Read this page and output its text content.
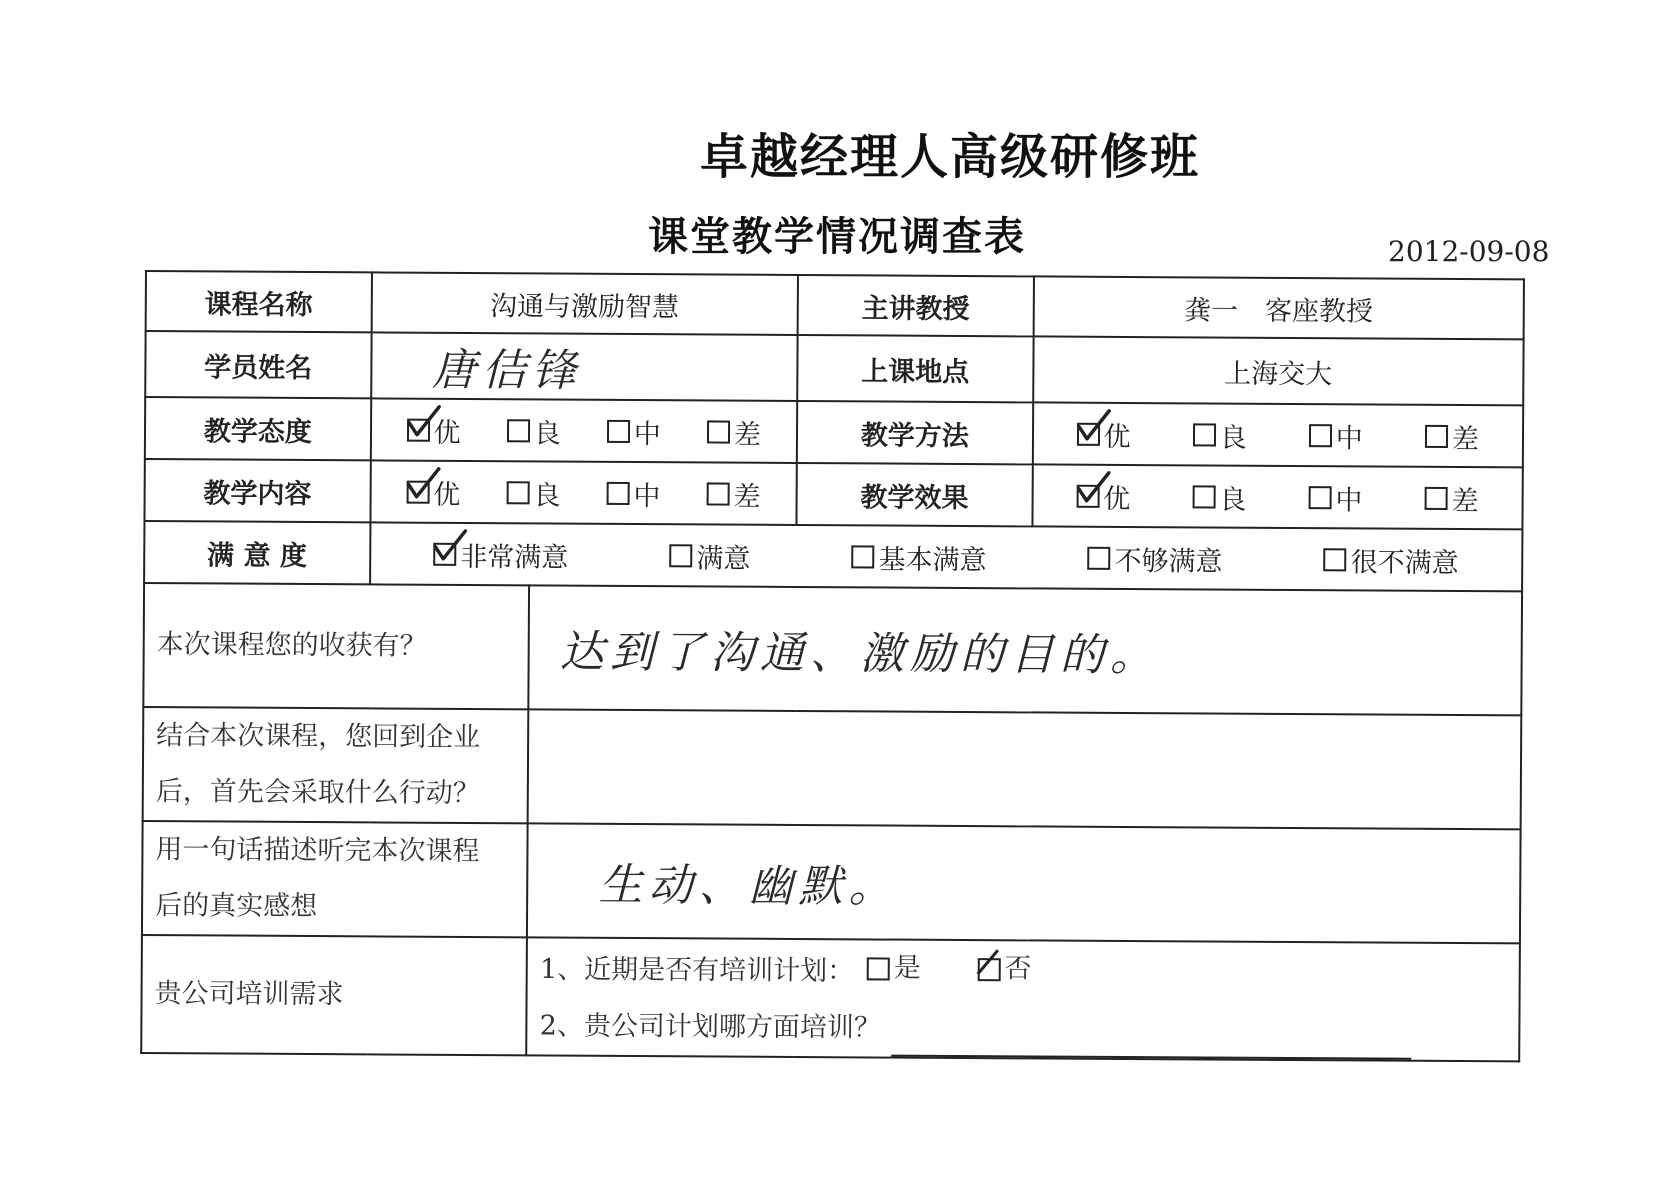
卓越经理人高级研修班
课堂教学情况调查表	2012-09-08
课程名称	沟通与激励智慧		主讲教授	龚一　客座教授
学员姓名	唐佶锋		上课地点	上海交大
教学态度	优 良 中 差		教学方法	优 良 中 差

教学内容	优 良 中 差		教学效果	优 良 中 差

满 意 度	非常满意 满意 基本满意 不够满意 很不满意			

本次课程您的收获有？		达到了沟通、激励的目的。		

结合本次课程，您回到企业
后，首先会采取什么行动？				

用一句话描述听完本次课程
后的真实感想		生动、幽默。		
贵公司培训需求		1、近期是否有培训计划： 是
否
2、贵公司计划哪方面培训？		
